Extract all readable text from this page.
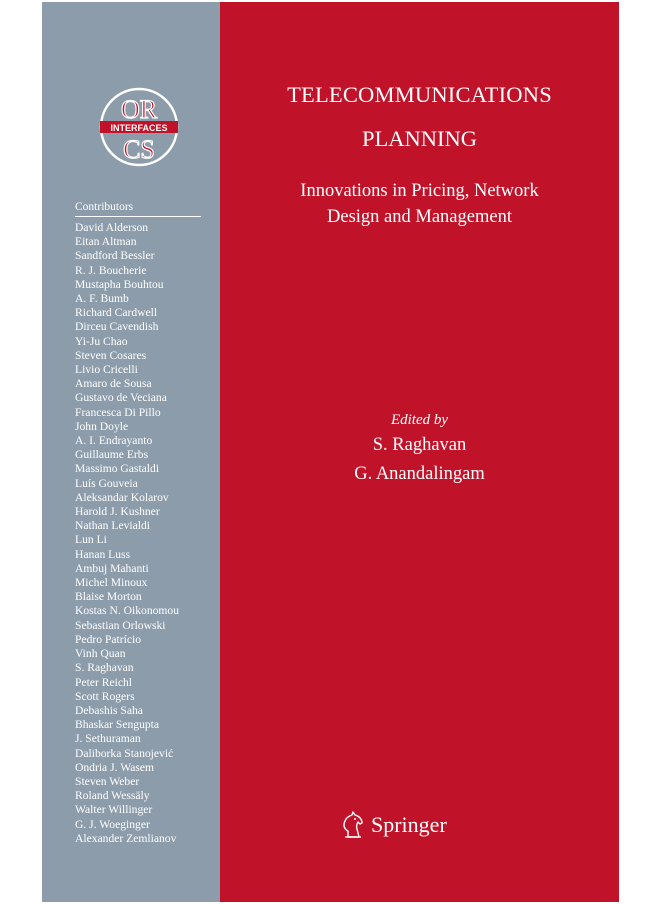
OR
INTERFACES
CS
Contributors
David Alderson
Eitan Altman
Sandford Bessler
R. J. Boucherie
Mustapha Bouhtou
A. F. Bumb
Richard Cardwell
Dirceu Cavendish
Yi-Ju Chao
Steven Cosares
Livio Cricelli
Amaro de Sousa
Gustavo de Veciana
Francesca Di Pillo
John Doyle
A. I. Endrayanto
Guillaume Erbs
Massimo Gastaldi
Luís Gouveia
Aleksandar Kolarov
Harold J. Kushner
Nathan Levialdi
Lun Li
Hanan Luss
Ambuj Mahanti
Michel Minoux
Blaise Morton
Kostas N. Oikonomou
Sebastian Orlowski
Pedro Patrício
Vinh Quan
S. Raghavan
Peter Reichl
Scott Rogers
Debashis Saha
Bhaskar Sengupta
J. Sethuraman
Daliborka Stanojević
Ondria J. Wasem
Steven Weber
Roland Wessäly
Walter Willinger
G. J. Woeginger
Alexander Zemlianov
TELECOMMUNICATIONS
PLANNING
Innovations in Pricing, Network
Design and Management
Edited by
S. Raghavan
G. Anandalingam
Springer
